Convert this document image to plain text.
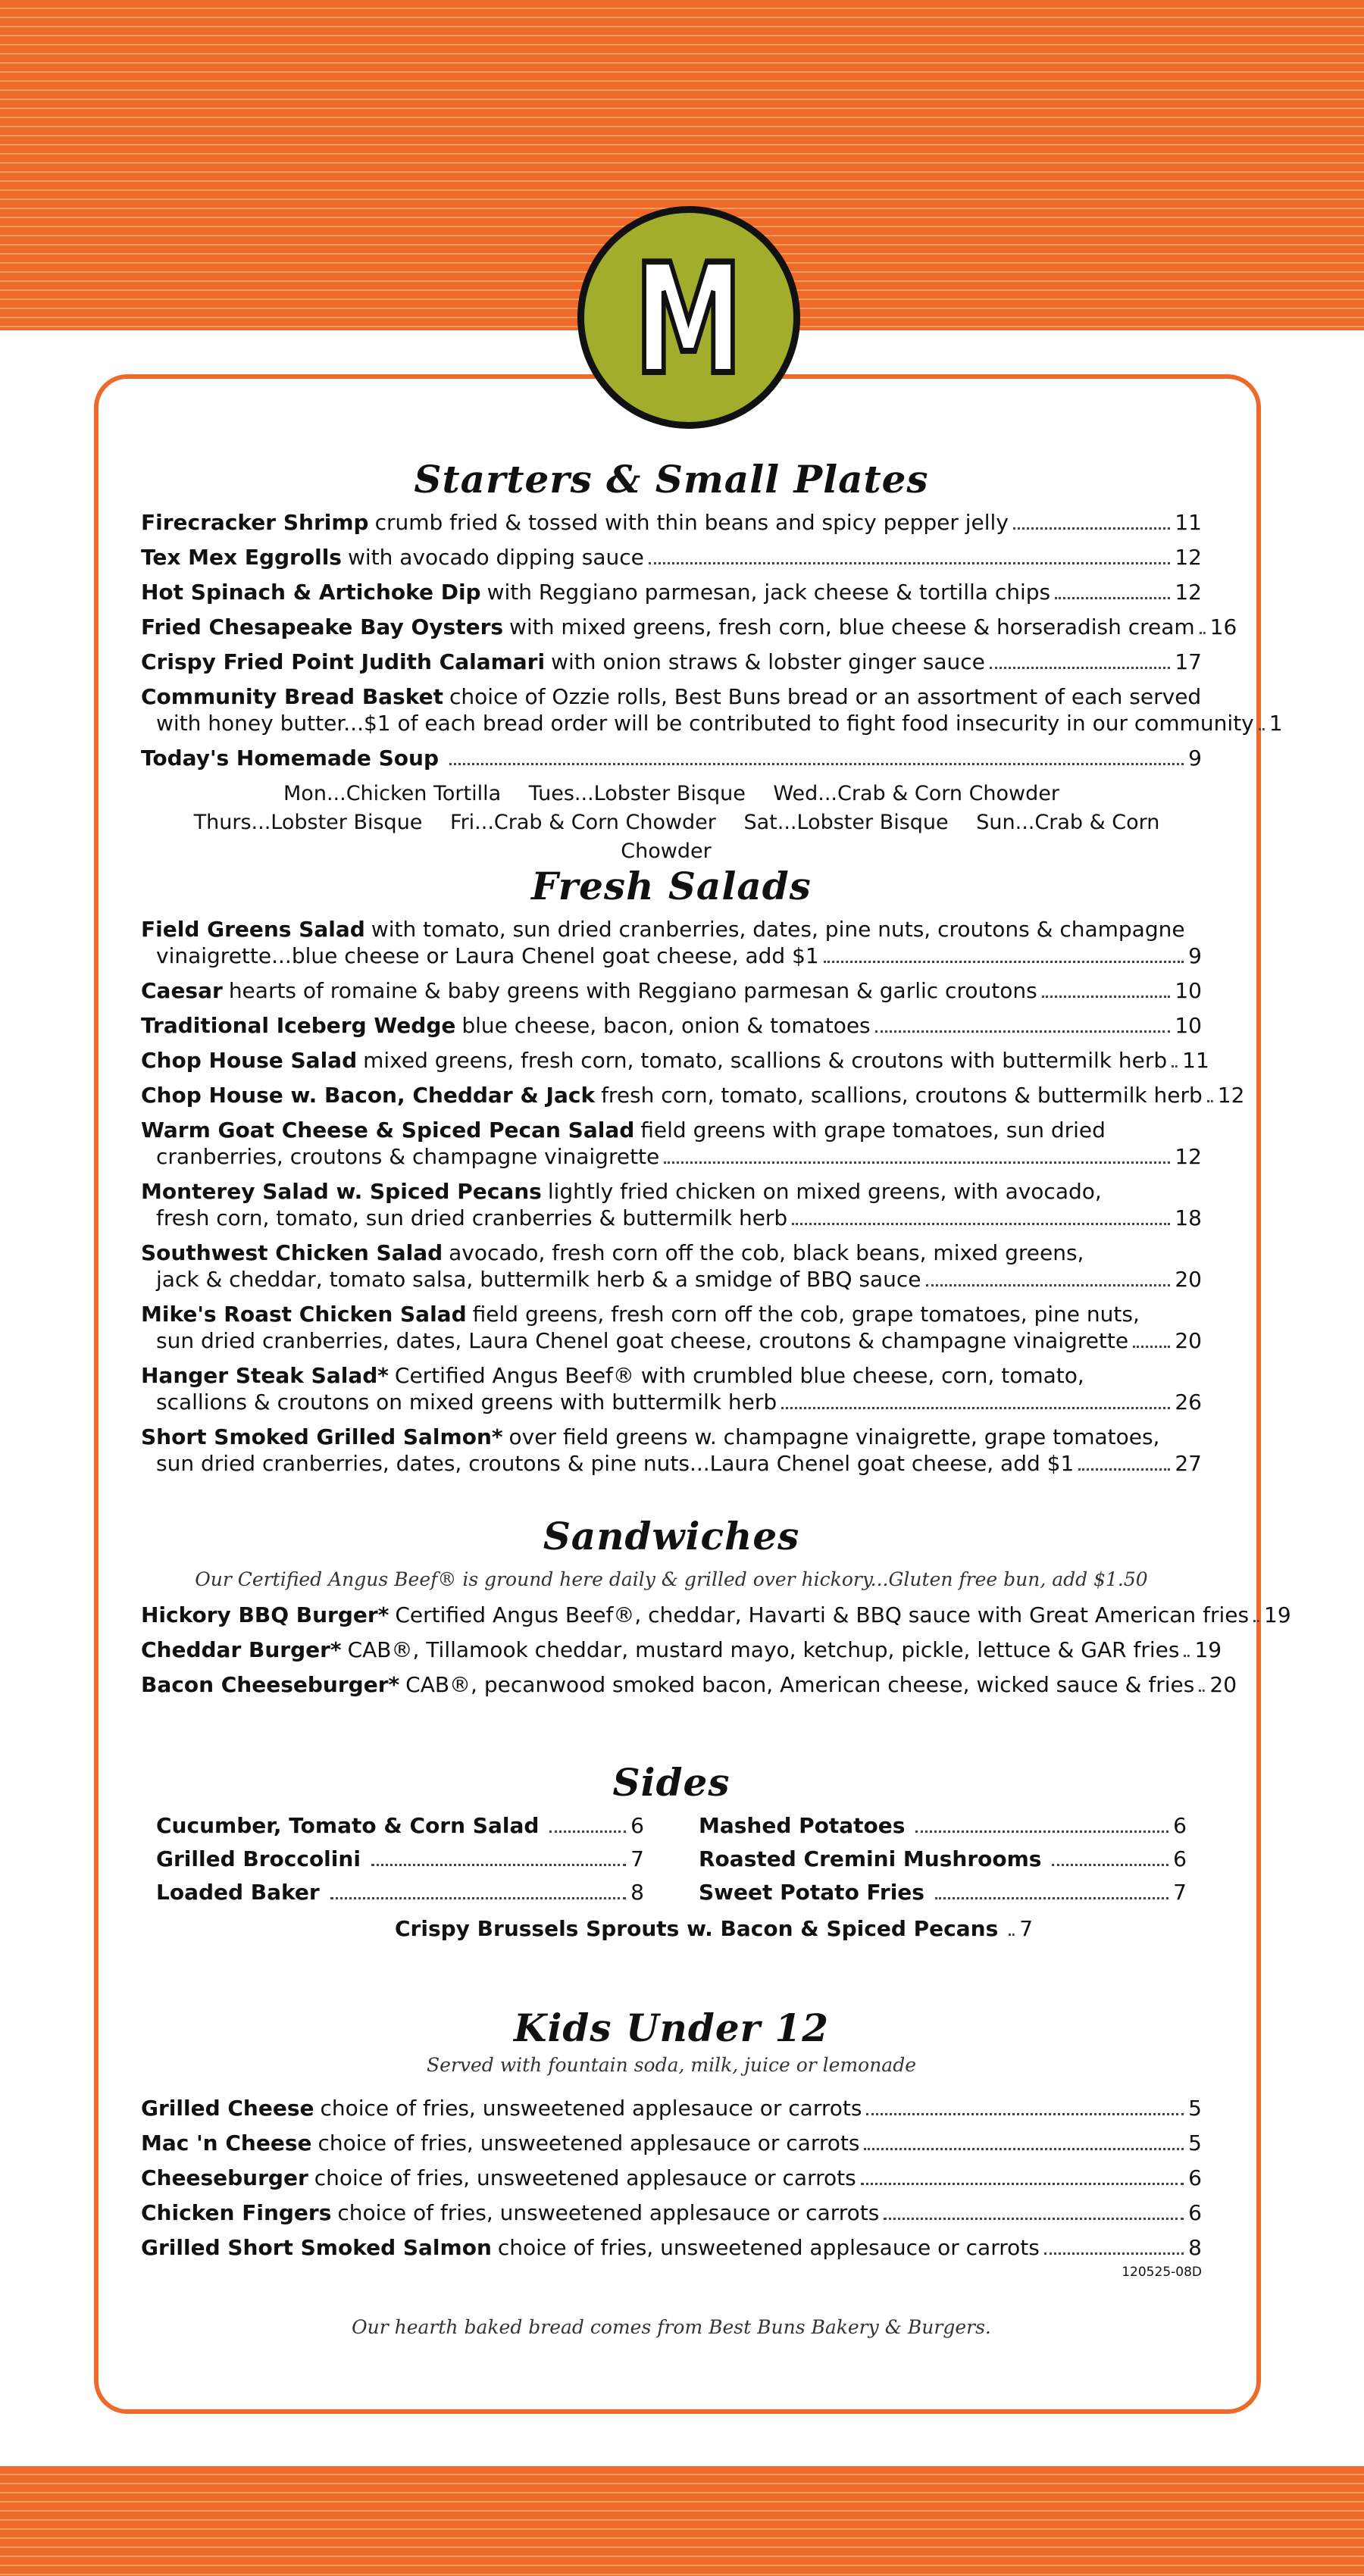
M
Starters & Small Plates
Firecracker Shrimp crumb fried & tossed with thin beans and spicy pepper jelly	11
Tex Mex Eggrolls with avocado dipping sauce	12
Hot Spinach & Artichoke Dip with Reggiano parmesan, jack cheese & tortilla chips	12
Fried Chesapeake Bay Oysters with mixed greens, fresh corn, blue cheese & horseradish cream 16
Crispy Fried Point Judith Calamari with onion straws & lobster ginger sauce	17
Community Bread Basket choice of Ozzie rolls, Best Buns bread or an assortment of each served
with honey butter...$1 of each bread order will be contributed to fight food insecurity in our community 1
Today's Homemade Soup	9
Mon...Chicken Tortilla Tues...Lobster Bisque Wed...Crab & Corn Chowder
Thurs...Lobster Bisque Fri...Crab & Corn Chowder Sat...Lobster Bisque Sun...Crab & Corn Chowder
Fresh Salads
Field Greens Salad with tomato, sun dried cranberries, dates, pine nuts, croutons & champagne
vinaigrette...blue cheese or Laura Chenel goat cheese, add $1	9
Caesar hearts of romaine & baby greens with Reggiano parmesan & garlic croutons	10
Traditional Iceberg Wedge blue cheese, bacon, onion & tomatoes	10
Chop House Salad mixed greens, fresh corn, tomato, scallions & croutons with buttermilk herb 11
Chop House w. Bacon, Cheddar & Jack fresh corn, tomato, scallions, croutons & buttermilk herb 12
Warm Goat Cheese & Spiced Pecan Salad field greens with grape tomatoes, sun dried
cranberries, croutons & champagne vinaigrette	12
Monterey Salad w. Spiced Pecans lightly fried chicken on mixed greens, with avocado,
fresh corn, tomato, sun dried cranberries & buttermilk herb	18
Southwest Chicken Salad avocado, fresh corn off the cob, black beans, mixed greens,
jack & cheddar, tomato salsa, buttermilk herb & a smidge of BBQ sauce	20
Mike's Roast Chicken Salad field greens, fresh corn off the cob, grape tomatoes, pine nuts,
sun dried cranberries, dates, Laura Chenel goat cheese, croutons & champagne vinaigrette 20
Hanger Steak Salad* Certified Angus Beef® with crumbled blue cheese, corn, tomato,
scallions & croutons on mixed greens with buttermilk herb	26
Short Smoked Grilled Salmon* over field greens w. champagne vinaigrette, grape tomatoes,
sun dried cranberries, dates, croutons & pine nuts...Laura Chenel goat cheese, add $1	27
Sandwiches
Our Certified Angus Beef® is ground here daily & grilled over hickory...Gluten free bun, add $1.50
Hickory BBQ Burger* Certified Angus Beef®, cheddar, Havarti & BBQ sauce with Great American fries 19
Cheddar Burger* CAB®, Tillamook cheddar, mustard mayo, ketchup, pickle, lettuce & GAR fries 19
Bacon Cheeseburger* CAB®, pecanwood smoked bacon, American cheese, wicked sauce & fries 20
Sides
Cucumber, Tomato & Corn Salad	6
Grilled Broccolini	7
Loaded Baker	8
Mashed Potatoes	6
Roasted Cremini Mushrooms	6
Sweet Potato Fries	7
Crispy Brussels Sprouts w. Bacon & Spiced Pecans 7
Kids Under 12
Served with fountain soda, milk, juice or lemonade
Grilled Cheese choice of fries, unsweetened applesauce or carrots	5
Mac 'n Cheese choice of fries, unsweetened applesauce or carrots	5
Cheeseburger choice of fries, unsweetened applesauce or carrots	6
Chicken Fingers choice of fries, unsweetened applesauce or carrots	6
Grilled Short Smoked Salmon choice of fries, unsweetened applesauce or carrots	8
120525-08D
Our hearth baked bread comes from Best Buns Bakery & Burgers.
